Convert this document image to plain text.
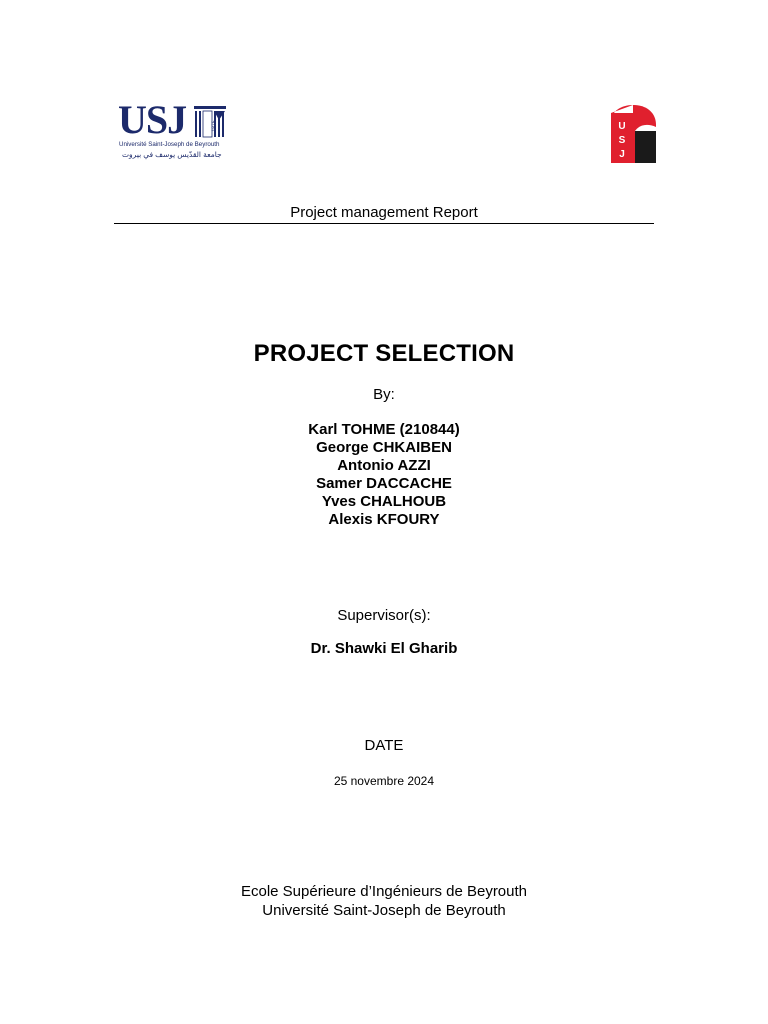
USJ	1875
Université Saint-Joseph de Beyrouth
جامعة القدّيس يوسف في بيروت
U
S
J
Project management Report
PROJECT SELECTION
By:
Karl TOHME (210844)
George CHKAIBEN
Antonio AZZI
Samer DACCACHE
Yves CHALHOUB
Alexis KFOURY
Supervisor(s):
Dr. Shawki El Gharib
DATE
25 novembre 2024
Ecole Supérieure d’Ingénieurs de Beyrouth
Université Saint-Joseph de Beyrouth
